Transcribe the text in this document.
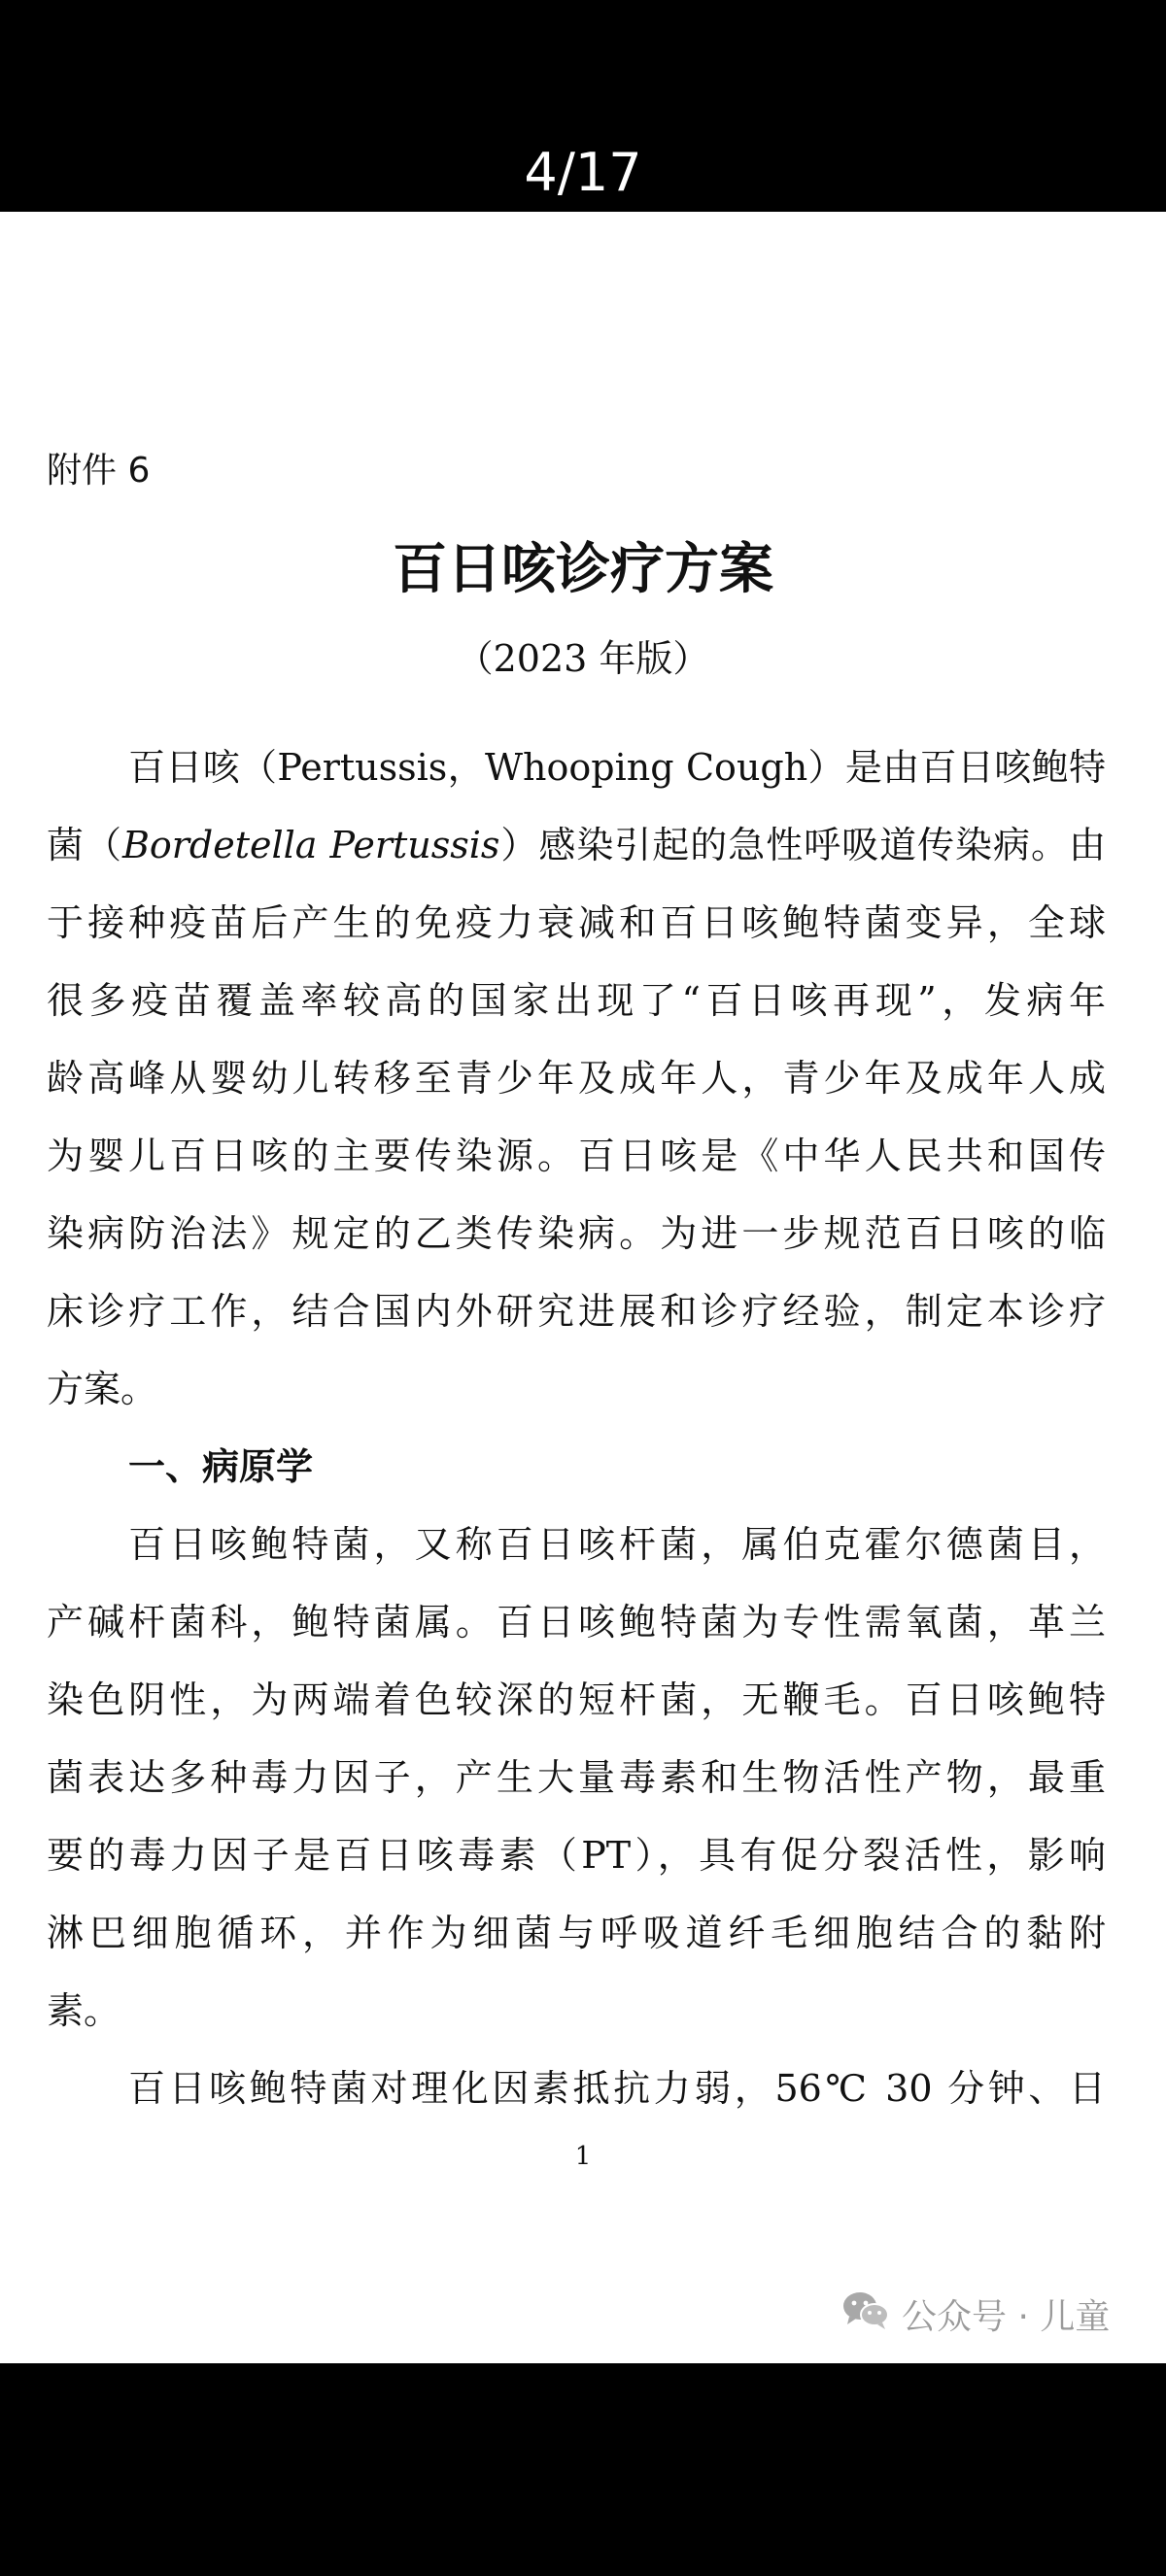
4/17
附件 6
百日咳诊疗方案
（2023 年版）
百日咳（Pertussis，Whooping Cough）是由百日咳鲍特
菌（Bordetella Pertussis）感染引起的急性呼吸道传染病。由
于接种疫苗后产生的免疫力衰减和百日咳鲍特菌变异，全球
很多疫苗覆盖率较高的国家出现了“百日咳再现”，发病年
龄高峰从婴幼儿转移至青少年及成年人，青少年及成年人成
为婴儿百日咳的主要传染源。百日咳是《中华人民共和国传
染病防治法》规定的乙类传染病。为进一步规范百日咳的临
床诊疗工作，结合国内外研究进展和诊疗经验，制定本诊疗
方案。
一、病原学
百日咳鲍特菌，又称百日咳杆菌，属伯克霍尔德菌目，
产碱杆菌科，鲍特菌属。百日咳鲍特菌为专性需氧菌，革兰
染色阴性，为两端着色较深的短杆菌，无鞭毛。百日咳鲍特
菌表达多种毒力因子，产生大量毒素和生物活性产物，最重
要的毒力因子是百日咳毒素（PT），具有促分裂活性，影响
淋巴细胞循环，并作为细菌与呼吸道纤毛细胞结合的黏附
素。
百日咳鲍特菌对理化因素抵抗力弱，56℃ 30 分钟、日
1
公众号 · 儿童
